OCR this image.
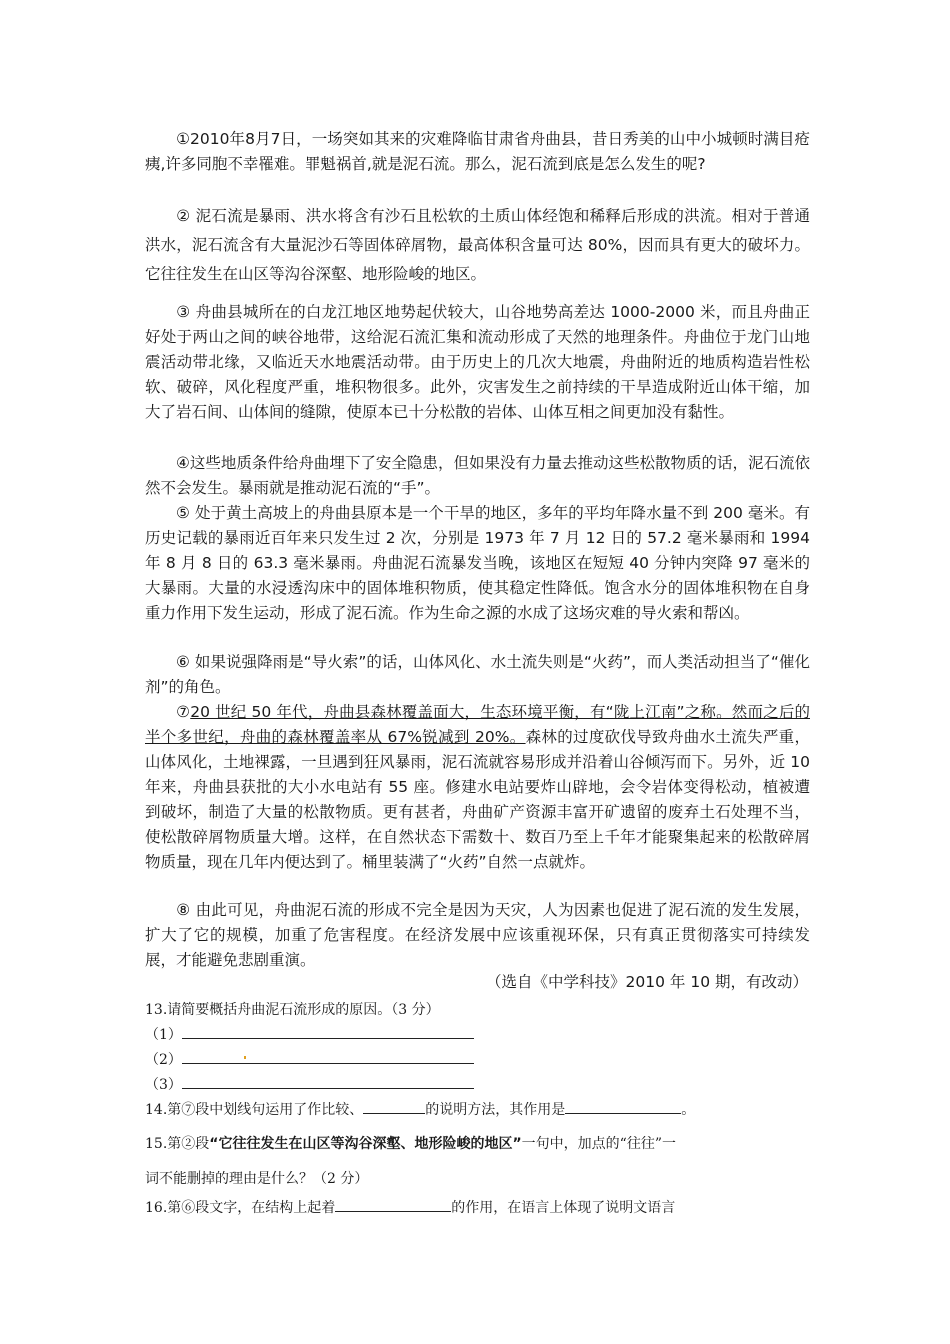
①2010年8月7日，一场突如其来的灾难降临甘肃省舟曲县，昔日秀美的山中小城顿时满目疮痍,许多同胞不幸罹难。罪魁祸首,就是泥石流。那么，泥石流到底是怎么发生的呢?

② 泥石流是暴雨、洪水将含有沙石且松软的土质山体经饱和稀释后形成的洪流。相对于普通洪水，泥石流含有大量泥沙石等固体碎屑物，最高体积含量可达 80%，因而具有更大的破坏力。它往往发生在山区等沟谷深壑、地形险峻的地区。

③ 舟曲县城所在的白龙江地区地势起伏较大，山谷地势高差达 1000-2000 米，而且舟曲正好处于两山之间的峡谷地带，这给泥石流汇集和流动形成了天然的地理条件。舟曲位于龙门山地震活动带北缘，又临近天水地震活动带。由于历史上的几次大地震，舟曲附近的地质构造岩性松软、破碎，风化程度严重，堆积物很多。此外，灾害发生之前持续的干旱造成附近山体干缩，加大了岩石间、山体间的缝隙，使原本已十分松散的岩体、山体互相之间更加没有黏性。

④这些地质条件给舟曲埋下了安全隐患，但如果没有力量去推动这些松散物质的话，泥石流依然不会发生。暴雨就是推动泥石流的“手”。

⑤ 处于黄土高坡上的舟曲县原本是一个干旱的地区，多年的平均年降水量不到 200 毫米。有历史记载的暴雨近百年来只发生过 2 次，分别是 1973 年 7 月 12 日的 57.2 毫米暴雨和 1994 年 8 月 8 日的 63.3 毫米暴雨。舟曲泥石流暴发当晚，该地区在短短 40 分钟内突降 97 毫米的大暴雨。大量的水浸透沟床中的固体堆积物质，使其稳定性降低。饱含水分的固体堆积物在自身重力作用下发生运动，形成了泥石流。作为生命之源的水成了这场灾难的导火索和帮凶。

⑥ 如果说强降雨是“导火索”的话，山体风化、水土流失则是“火药”，而人类活动担当了“催化剂”的角色。

⑦20 世纪 50 年代，舟曲县森林覆盖面大，生态环境平衡，有“陇上江南”之称。然而之后的半个多世纪，舟曲的森林覆盖率从 67%锐减到 20%。森林的过度砍伐导致舟曲水土流失严重，山体风化，土地裸露，一旦遇到狂风暴雨，泥石流就容易形成并沿着山谷倾泻而下。另外，近 10 年来，舟曲县获批的大小水电站有 55 座。修建水电站要炸山辟地，会令岩体变得松动，植被遭到破坏，制造了大量的松散物质。更有甚者，舟曲矿产资源丰富开矿遗留的废弃土石处理不当，使松散碎屑物质量大增。这样，在自然状态下需数十、数百乃至上千年才能聚集起来的松散碎屑物质量，现在几年内便达到了。桶里装满了“火药”自然一点就炸。

⑧ 由此可见，舟曲泥石流的形成不完全是因为天灾，人为因素也促进了泥石流的发生发展，扩大了它的规模，加重了危害程度。在经济发展中应该重视环保，只有真正贯彻落实可持续发展，才能避免悲剧重演。

（选自《中学科技》2010 年 10 期，有改动）
13.请简要概括舟曲泥石流形成的原因。（3 分）
（1）
（2）
（3）
14.第⑦段中划线句运用了作比较、	的说明方法，其作用是	。
15.第②段“它往往发生在山区等沟谷深壑、地形险峻的地区”一句中，加点的“往往”一
词不能删掉的理由是什么？（2 分）
16.第⑥段文字，在结构上起着	的作用，在语言上体现了说明文语言
